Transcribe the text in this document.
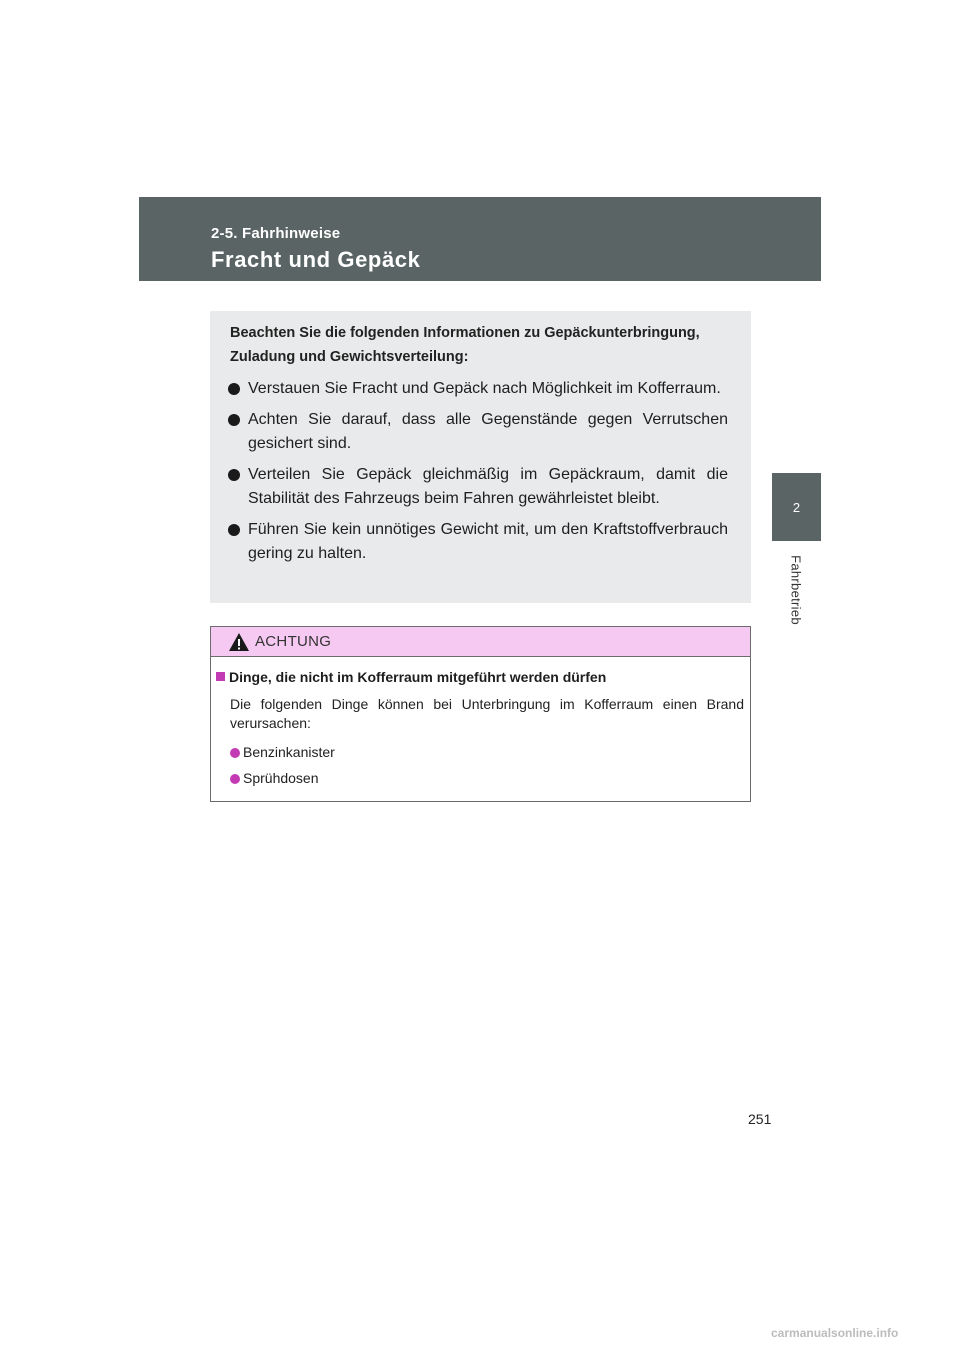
2-5. Fahrhinweise
Fracht und Gepäck
2
Fahrbetrieb
Beachten Sie die folgenden Informationen zu Gepäckunterbringung, Zuladung und Gewichtsverteilung:
Verstauen Sie Fracht und Gepäck nach Möglichkeit im Kofferraum.
Achten Sie darauf, dass alle Gegenstände gegen Verrutschen gesichert sind.
Verteilen Sie Gepäck gleichmäßig im Gepäckraum, damit die Stabilität des Fahrzeugs beim Fahren gewährleistet bleibt.
Führen Sie kein unnötiges Gewicht mit, um den Kraftstoffverbrauch gering zu halten.
ACHTUNG
Dinge, die nicht im Kofferraum mitgeführt werden dürfen
Die folgenden Dinge können bei Unterbringung im Kofferraum einen Brand verursachen:
Benzinkanister
Sprühdosen
251
carmanualsonline.info
